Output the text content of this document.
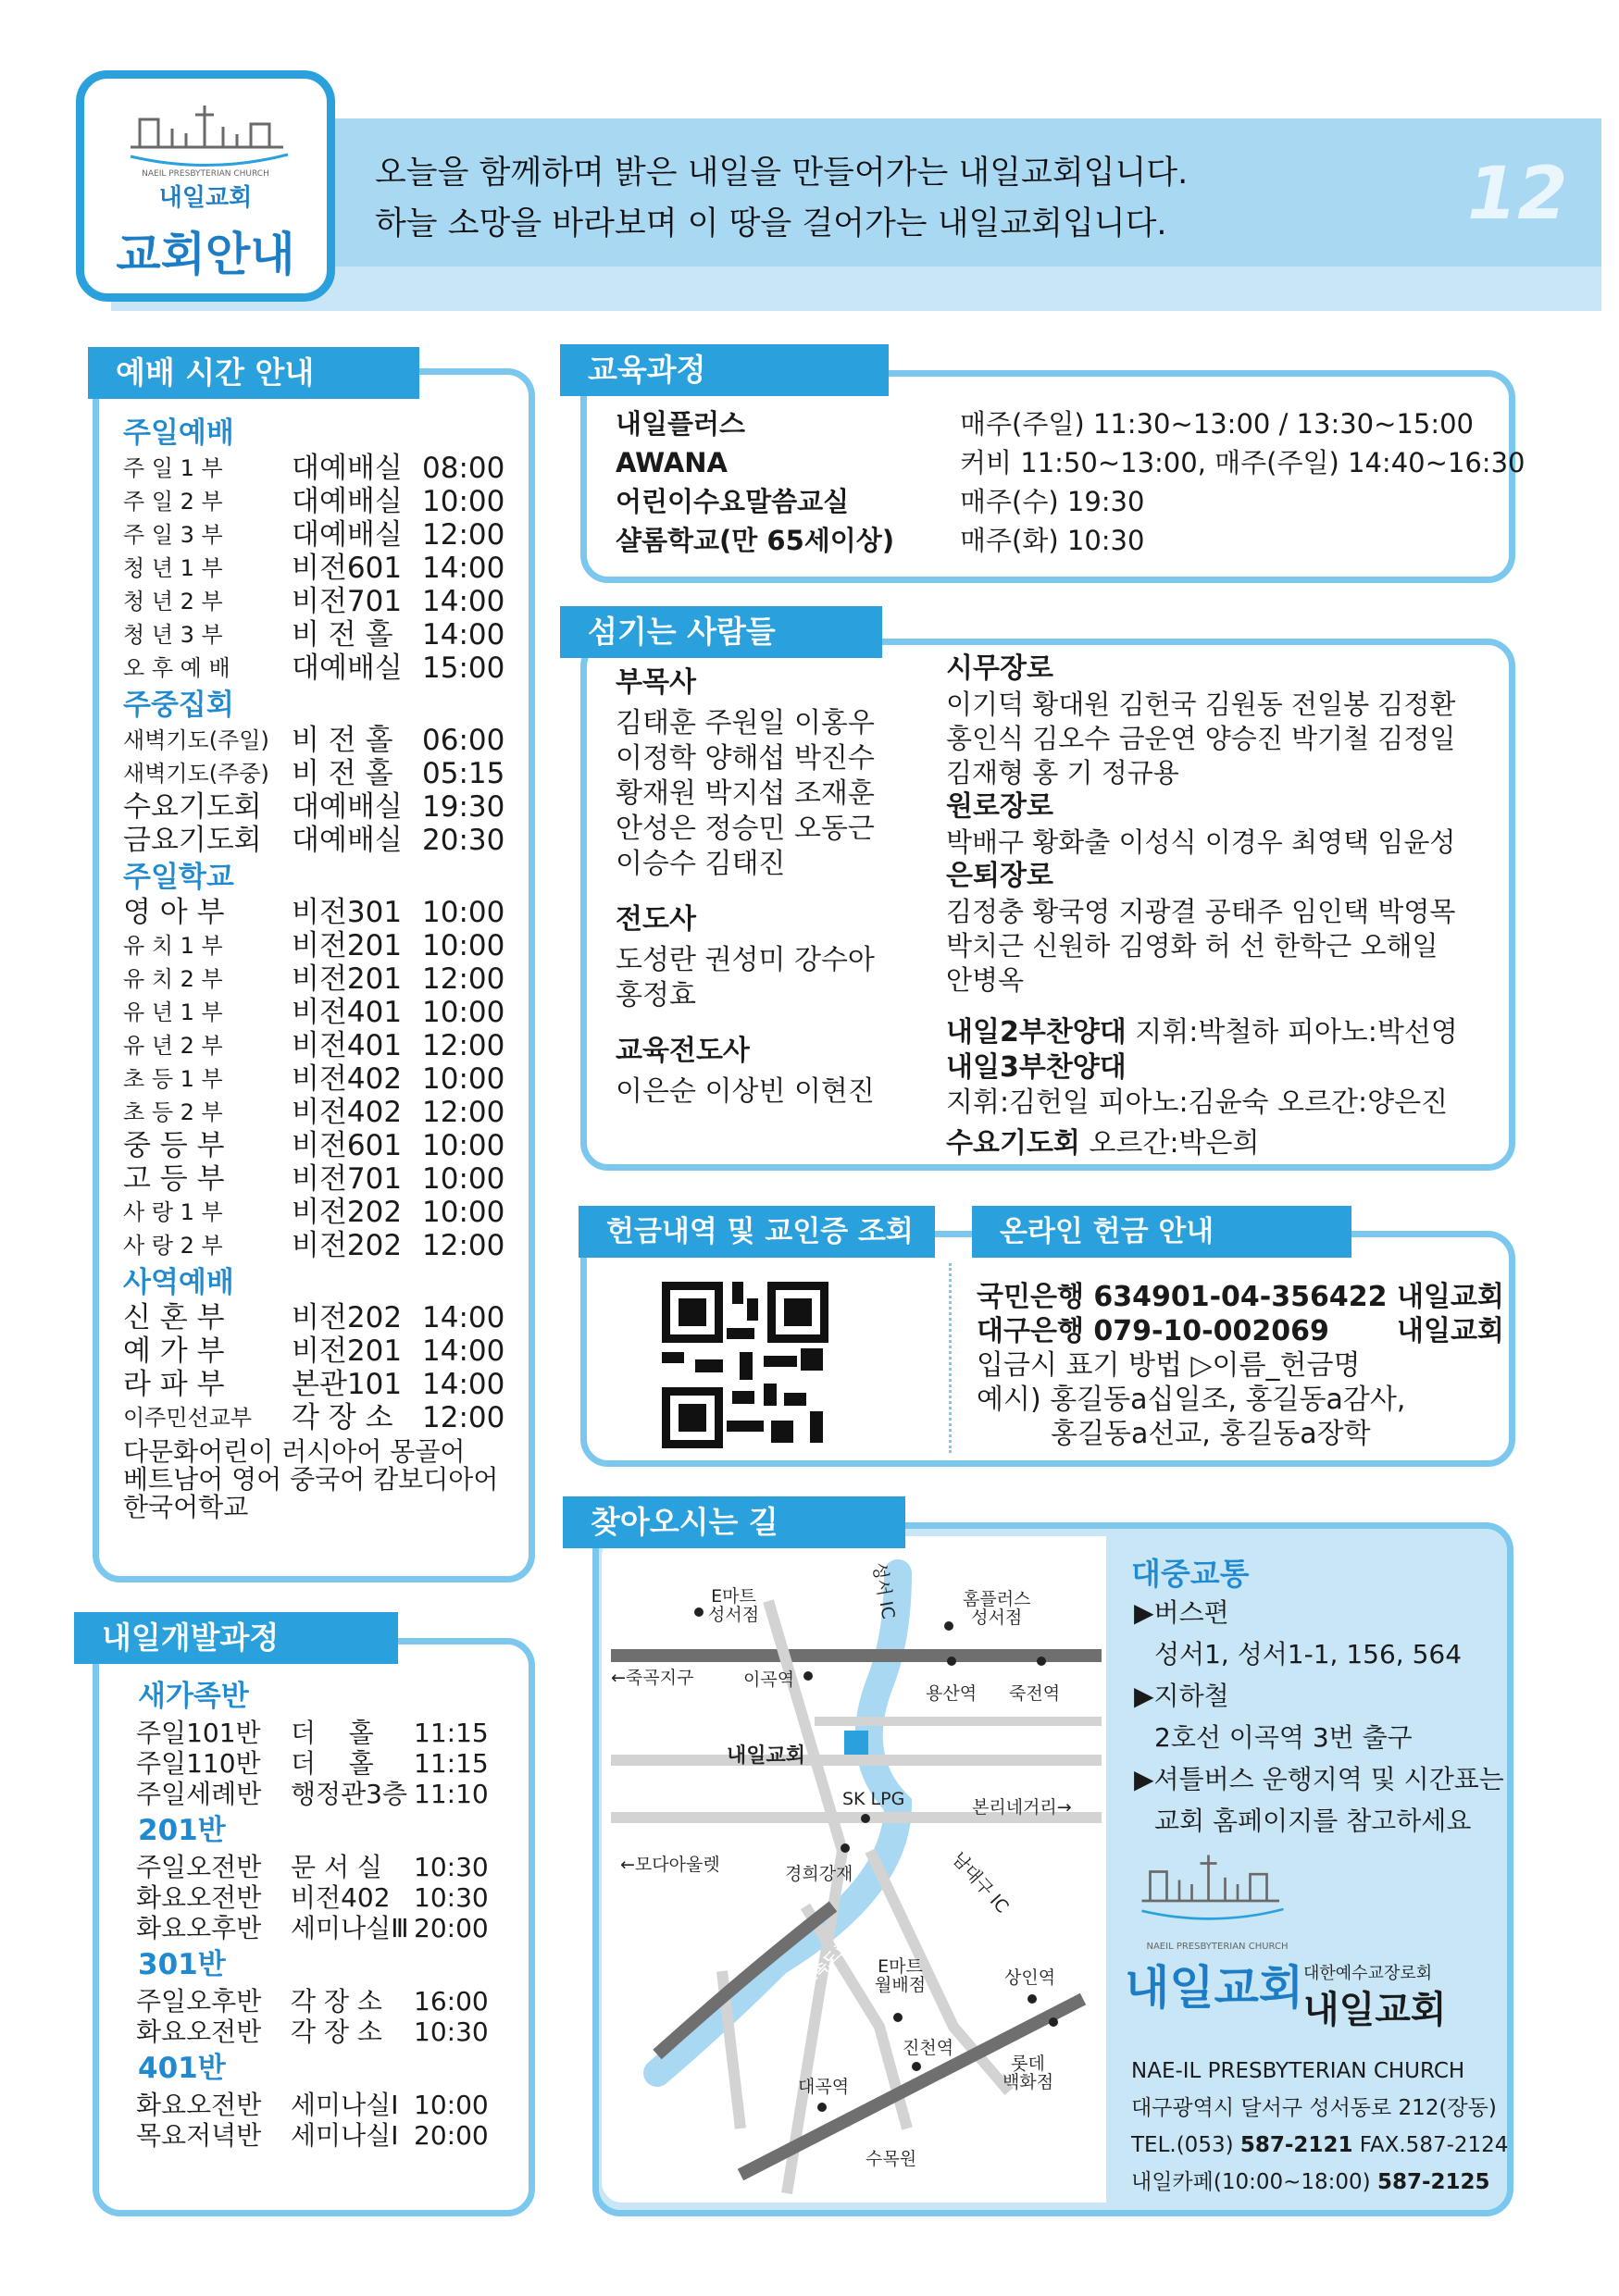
12
NAEIL PRESBYTERIAN CHURCH
내일교회
교회안내
오늘을 함께하며 밝은 내일을 만들어가는 내일교회입니다.
하늘 소망을 바라보며 이 땅을 걸어가는 내일교회입니다.
예배 시간 안내
주일예배
주 일 1 부 대예배실 08:00
주 일 2 부 대예배실 10:00
주 일 3 부 대예배실 12:00
청 년 1 부 비전601 14:00
청 년 2 부 비전701 14:00
청 년 3 부 비 전 홀 14:00
오 후 예 배 대예배실 15:00
주중집회
새벽기도(주일) 비 전 홀 06:00
새벽기도(주중) 비 전 홀 05:15
수요기도회 대예배실 19:30
금요기도회 대예배실 20:30
주일학교
영 아 부 비전301 10:00
유 치 1 부 비전201 10:00
유 치 2 부 비전201 12:00
유 년 1 부 비전401 10:00
유 년 2 부 비전401 12:00
초 등 1 부 비전402 10:00
초 등 2 부 비전402 12:00
중 등 부 비전601 10:00
고 등 부 비전701 10:00
사 랑 1 부 비전202 10:00
사 랑 2 부 비전202 12:00
사역예배
신 혼 부 비전202 14:00
예 가 부 비전201 14:00
라 파 부 본관101 14:00
이주민선교부 각 장 소 12:00
다문화어린이 러시아어 몽골어
베트남어 영어 중국어 캄보디아어
한국어학교
내일개발과정
새가족반
주일101반 더    홀 11:15
주일110반 더    홀 11:15
주일세례반 행정관3층 11:10
201반
주일오전반 문 서 실 10:30
화요오전반 비전402 10:30
화요오후반 세미나실Ⅲ 20:00
301반
주일오후반 각 장 소 16:00
화요오전반 각 장 소 10:30
401반
화요오전반 세미나실Ⅰ 10:00
목요저녁반 세미나실Ⅰ 20:00
교육과정
내일플러스	매주(주일) 11:30~13:00 / 13:30~15:00
AWANA	커비 11:50~13:00, 매주(주일) 14:40~16:30
어린이수요말씀교실	매주(수) 19:30
샬롬학교(만 65세이상) 매주(화) 10:30
섬기는 사람들
부목사
김태훈 주원일 이홍우
이정학 양해섭 박진수
황재원 박지섭 조재훈
안성은 정승민 오동근
이승수 김태진
전도사
도성란 권성미 강수아
홍정효
교육전도사
이은순 이상빈 이현진
시무장로
이기덕 황대원 김헌국 김원동 전일봉 김정환
홍인식 김오수 금운연 양승진 박기철 김정일
김재형 홍 기 정규용
원로장로
박배구 황화출 이성식 이경우 최영택 임윤성
은퇴장로
김정충 황국영 지광결 공태주 임인택 박영목
박치근 신원하 김영화 허 선 한학근 오해일
안병옥
내일2부찬양대 지휘:박철하 피아노:박선영
내일3부찬양대
지휘:김헌일 피아노:김윤숙 오르간:양은진
수요기도회 오르간:박은희
헌금내역 및 교인증 조회	온라인 헌금 안내
국민은행 634901-04-356422 내일교회
대구은행 079-10-002069       내일교회
입금시 표기 방법 ▷이름_헌금명
예시) 홍길동a십일조, 홍길동a감사,
홍길동a선교, 홍길동a장학
찾아오시는 길
E마트
성서점
홈플러스
성서점
성서 IC
←죽곡지구	이곡역
용산역 죽전역
내일교회
SK LPG	본리네거리→
←모다아울렛	경희강재	남대구 IC
구마고속도로 E마트
월배점	상인역
진천역
롯데
백화점
대곡역
수목원
대중교통
▶버스편
성서1, 성서1-1, 156, 564
▶지하철
2호선 이곡역 3번 출구
▶셔틀버스 운행지역 및 시간표는
교회 홈페이지를 참고하세요
NAEIL PRESBYTERIAN CHURCH
내일교회 대한예수교장로회
내일교회
NAE-IL PRESBYTERIAN CHURCH
대구광역시 달서구 성서동로 212(장동)
TEL.(053) 587-2121 FAX.587-2124
내일카페(10:00~18:00) 587-2125
